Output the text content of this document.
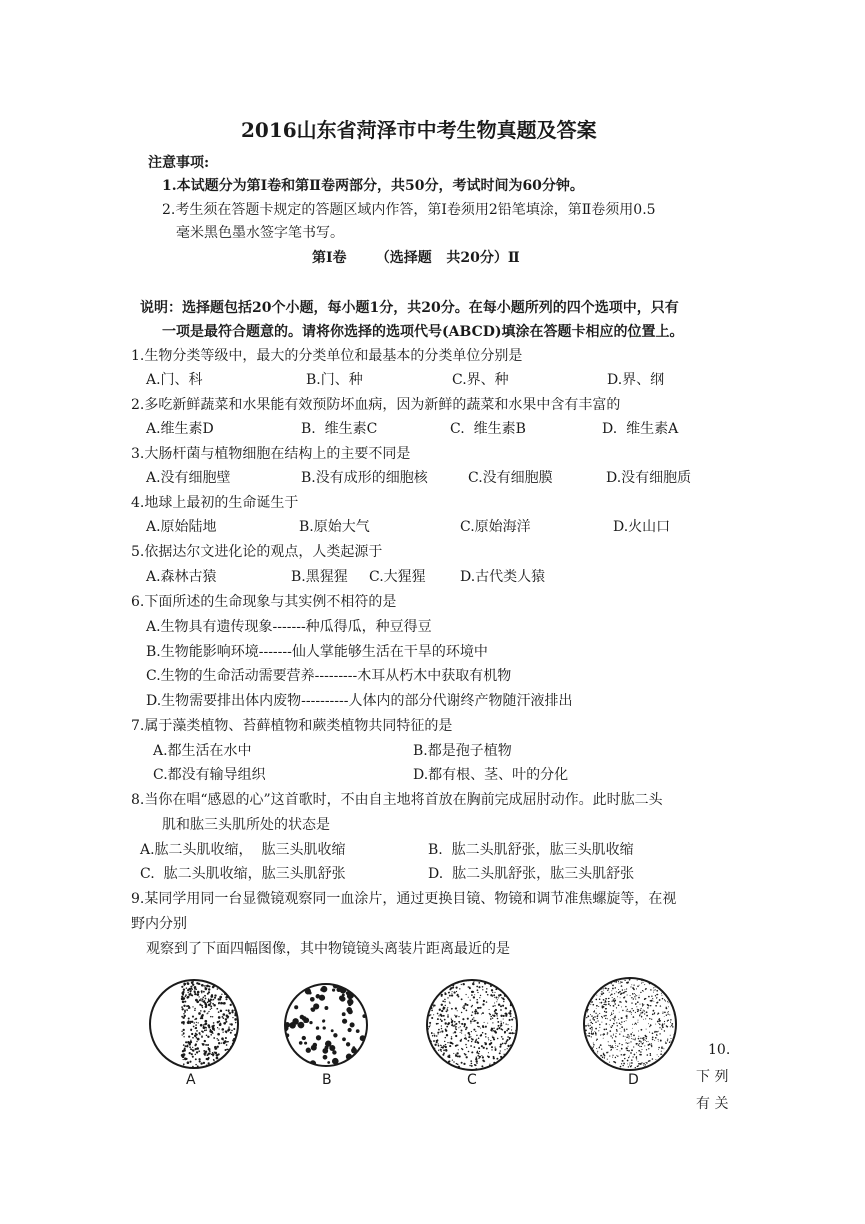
2016山东省菏泽市中考生物真题及答案
注意事项:
1.本试题分为第Ⅰ卷和第Ⅱ卷两部分，共50分，考试时间为60分钟。
2.考生须在答题卡规定的答题区域内作答，第Ⅰ卷须用2铅笔填涂，第Ⅱ卷须用0.5
毫米黑色墨水签字笔书写。
第Ⅰ卷      （选择题   共20分）Ⅱ
说明：选择题包括20个小题，每小题1分，共20分。在每小题所列的四个选项中，只有
一项是最符合题意的。请将你选择的选项代号(ABCD)填涂在答题卡相应的位置上。
1.生物分类等级中，最大的分类单位和最基本的分类单位分别是
A.门、科	B.门、种	C.界、种	D.界、纲
2.多吃新鲜蔬菜和水果能有效预防坏血病，因为新鲜的蔬菜和水果中含有丰富的
A.维生素D	B.  维生素C	C.  维生素B	D.  维生素A
3.大肠杆菌与植物细胞在结构上的主要不同是
A.没有细胞壁	B.没有成形的细胞核	C.没有细胞膜	D.没有细胞质
4.地球上最初的生命诞生于
A.原始陆地	B.原始大气	C.原始海洋	D.火山口
5.依据达尔文进化论的观点，人类起源于
A.森林古猿	B.黑猩猩 C.大猩猩 D.古代类人猿
6.下面所述的生命现象与其实例不相符的是
A.生物具有遗传现象-------种瓜得瓜，种豆得豆
B.生物能影响环境-------仙人掌能够生活在干旱的环境中
C.生物的生命活动需要营养---------木耳从朽木中获取有机物
D.生物需要排出体内废物----------人体内的部分代谢终产物随汗液排出
7.属于藻类植物、苔藓植物和蕨类植物共同特征的是
A.都生活在水中	B.都是孢子植物
C.都没有输导组织	D.都有根、茎、叶的分化
8.当你在唱“感恩的心”这首歌时，不由自主地将首放在胸前完成屈肘动作。此时肱二头
肌和肱三头肌所处的状态是
A.肱二头肌收缩，  肱三头肌收缩	B.  肱二头肌舒张，肱三头肌收缩
C.  肱二头肌收缩，肱三头肌舒张	D.  肱二头肌舒张，肱三头肌舒张
9.某同学用同一台显微镜观察同一血涂片，通过更换目镜、物镜和调节准焦螺旋等，在视
野内分别
观察到了下面四幅图像，其中物镜镜头离装片距离最近的是
A	B	C	D
10.
下 列
有 关
